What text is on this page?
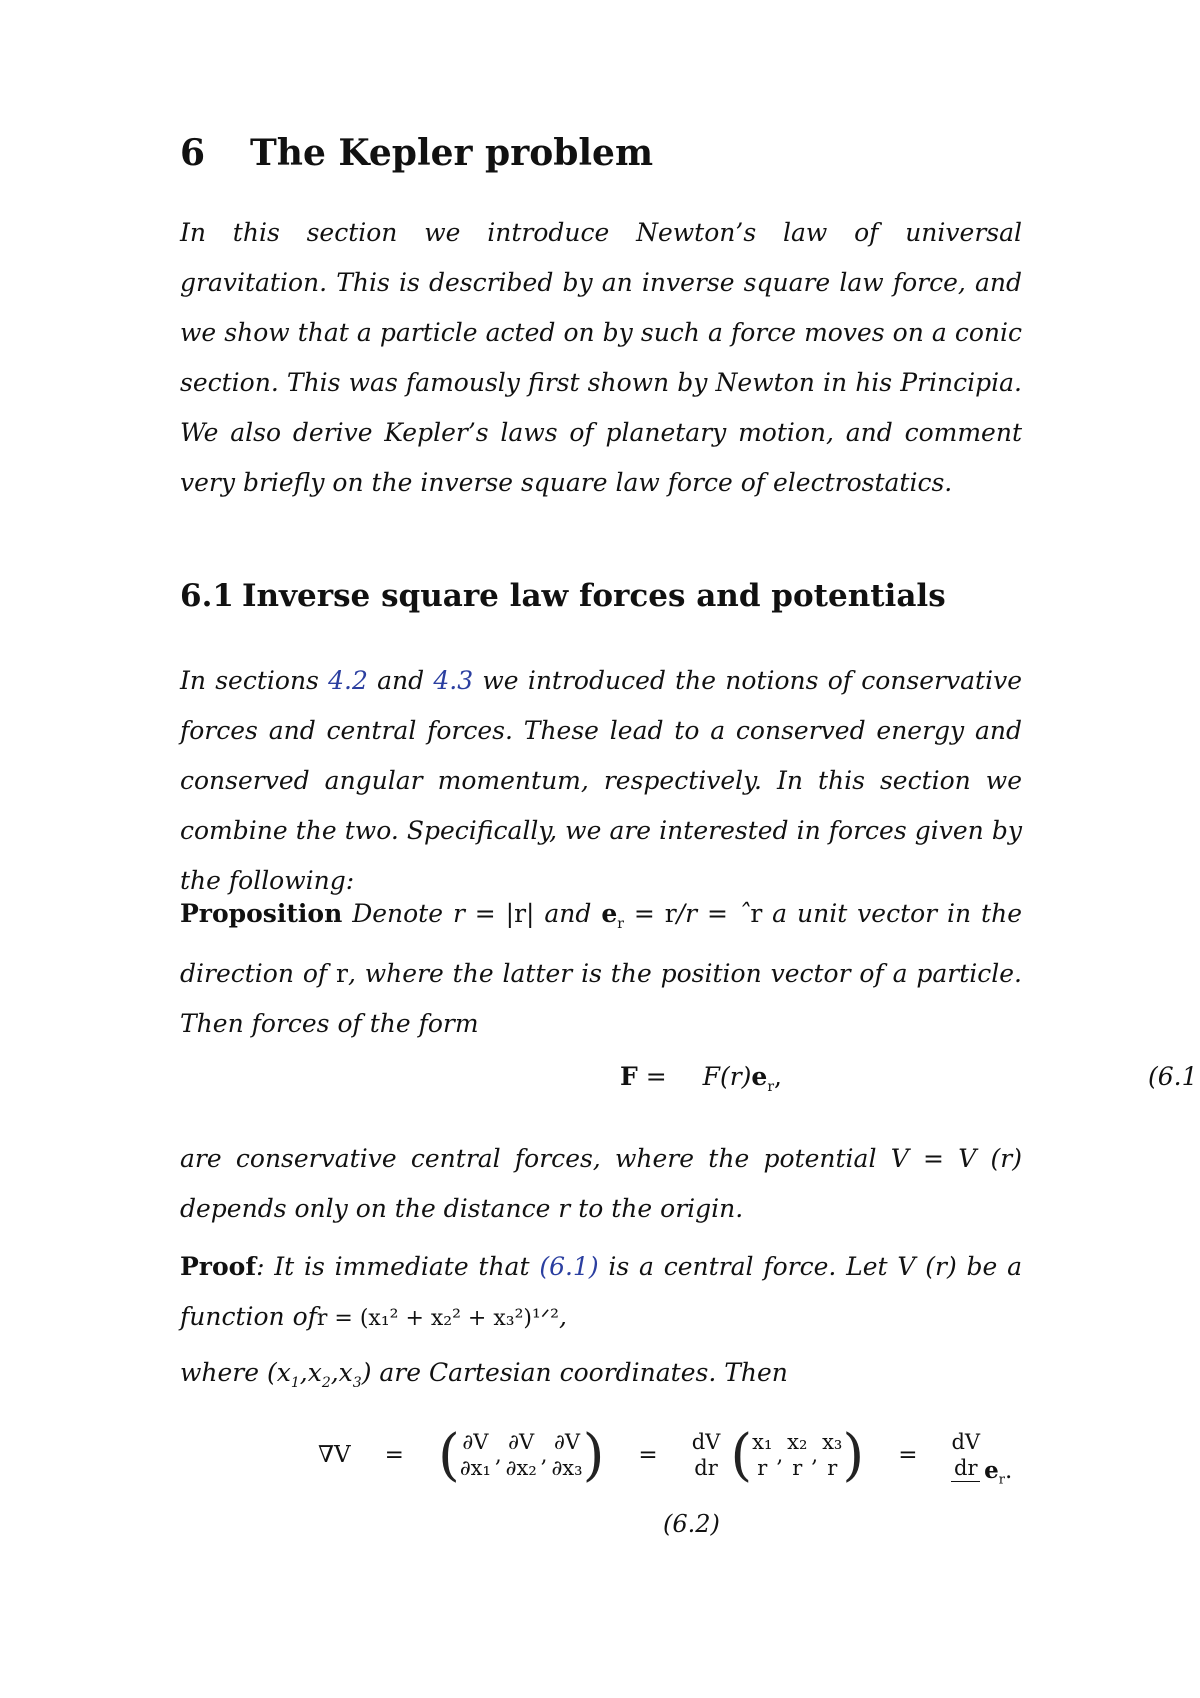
6 The Kepler problem

In this section we introduce Newton’s law of universal gravitation. This is described by an inverse square law force, and we show that a particle acted on by such a force moves on a conic section. This was famously first shown by Newton in his Principia. We also derive Kepler’s laws of planetary motion, and comment very briefly on the inverse square law force of electrostatics.

6.1 Inverse square law forces and potentials

In sections 4.2 and 4.3 we introduced the notions of conservative forces and central forces. These lead to a conserved energy and conserved angular momentum, respectively. In this section we combine the two. Specifically, we are interested in forces given by the following:

Proposition Denote r = |r| and $e_r = r/r$ = ˆr a unit vector in the direction of r, where the latter is the position vector of a particle. Then forces of the form

$F = F(r)e_r$,	(6.1

are conservative central forces, where the potential V = V (r) depends only on the distance r to the origin.

Proof: It is immediate that (6.1) is a central force. Let V (r) be a function ofr = (x₁² + x₂² + x₃²)¹ᐟ²,

where $(x_1,x_2,x_3)$ are Cartesian coordinates. Then

∇V = ( ∂V
∂x₁
,
∂V
∂x₂
,
∂V
∂x₃ ) = dV
dr ( x₁
r
,
x₂
r
,
x₃
r ) =
dV
dr $e_r$.
(6.2)
